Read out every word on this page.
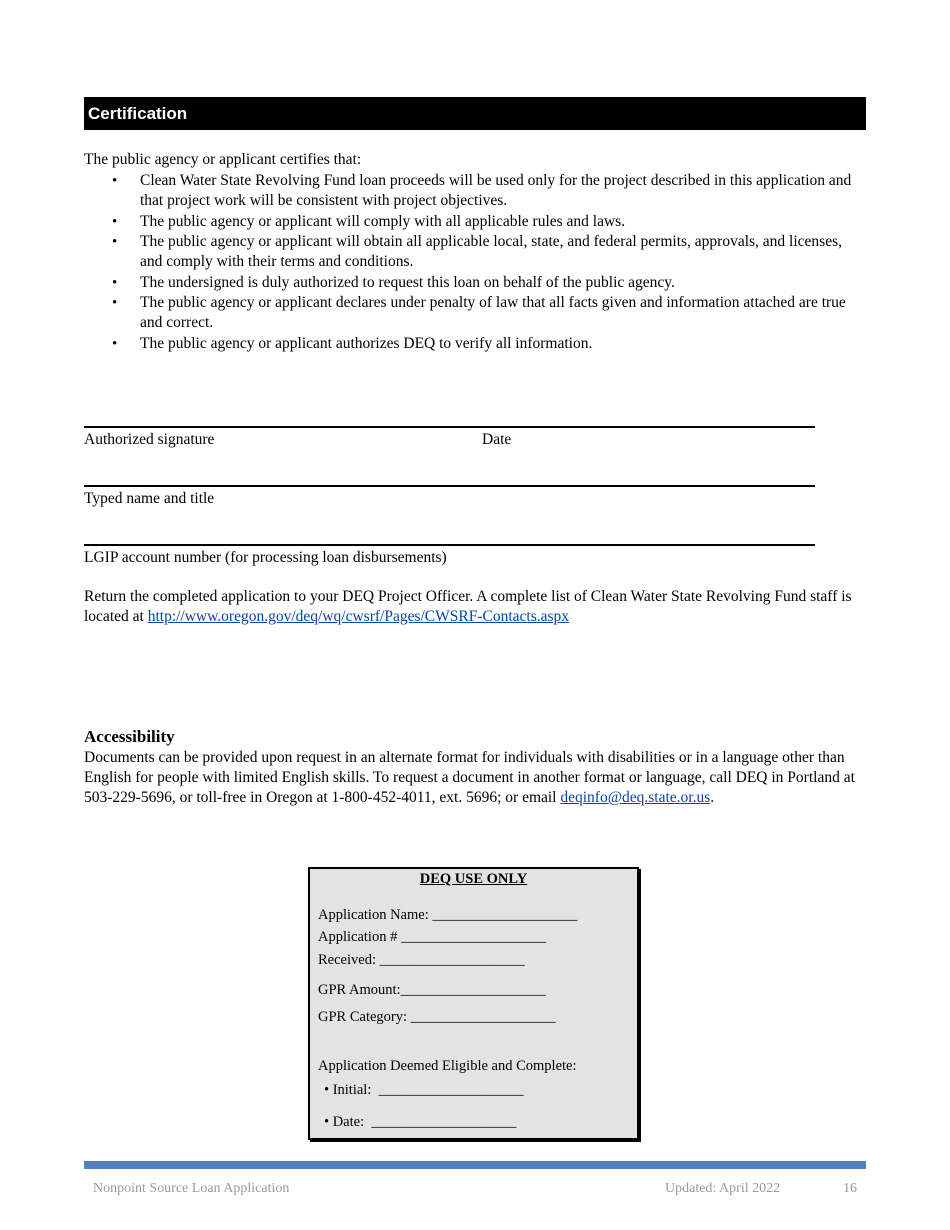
Certification
The public agency or applicant certifies that:
• Clean Water State Revolving Fund loan proceeds will be used only for the project described in this application and that project work will be consistent with project objectives.
• The public agency or applicant will comply with all applicable rules and laws.
• The public agency or applicant will obtain all applicable local, state, and federal permits, approvals, and licenses, and comply with their terms and conditions.
• The undersigned is duly authorized to request this loan on behalf of the public agency.
• The public agency or applicant declares under penalty of law that all facts given and information attached are true and correct.
• The public agency or applicant authorizes DEQ to verify all information.
Authorized signature	Date
Typed name and title
LGIP account number (for processing loan disbursements)
Return the completed application to your DEQ Project Officer. A complete list of Clean Water State Revolving Fund staff is located at http://www.oregon.gov/deq/wq/cwsrf/Pages/CWSRF-Contacts.aspx
Accessibility
Documents can be provided upon request in an alternate format for individuals with disabilities or in a language other than English for people with limited English skills. To request a document in another format or language, call DEQ in Portland at 503-229-5696, or toll-free in Oregon at 1-800-452-4011, ext. 5696; or email deqinfo@deq.state.or.us.
DEQ USE ONLY
Application Name: ____________________
Application # ____________________
Received: ____________________
GPR Amount:____________________
GPR Category: ____________________
Application Deemed Eligible and Complete:
• Initial:  ____________________
• Date:  ____________________
Nonpoint Source Loan Application	Updated: April 2022	16
